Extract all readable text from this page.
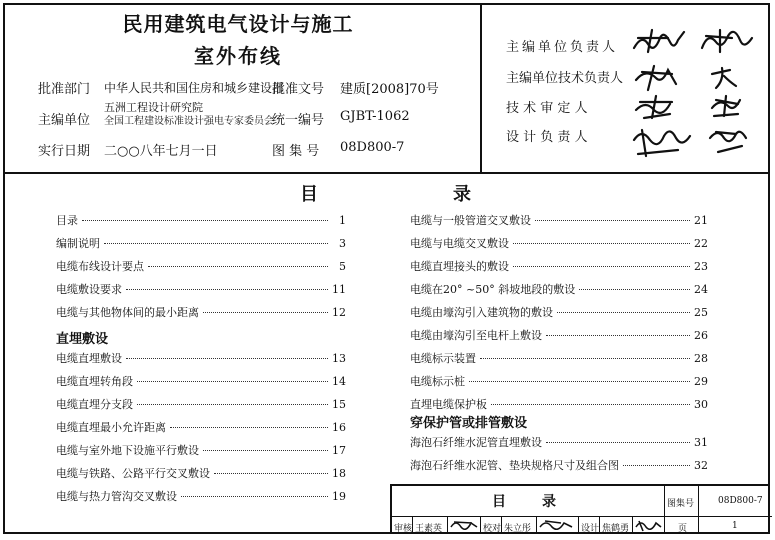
民用建筑电气设计与施工
室外布线
批准部门 中华人民共和国住房和城乡建设部
批准文号 建质[2008]70号
主编单位
五洲工程设计研究院
全国工程建设标准设计强电专家委员会
统一编号 GJBT-1062
实行日期 二○○八年七月一日	图 集 号 08D800-7
主编单位负责人
主编单位技术负责人
技 术 审 定 人
设 计 负 责 人
目	录
目录	1
编制说明	3
电缆布线设计要点	5
电缆敷设要求	11
电缆与其他物体间的最小距离	12
直埋敷设
电缆直埋敷设	13
电缆直埋转角段	14
电缆直埋分支段	15
电缆直埋最小允许距离	16
电缆与室外地下设施平行敷设	17
电缆与铁路、公路平行交叉敷设	18
电缆与热力管沟交叉敷设	19
电缆与一般管道交叉敷设	21
电缆与电缆交叉敷设	22
电缆直埋接头的敷设	23
电缆在20° ~50° 斜坡地段的敷设	24
电缆由壕沟引入建筑物的敷设	25
电缆由壕沟引至电杆上敷设	26
电缆标示装置	28
电缆标示桩	29
直埋电缆保护板	30
穿保护管或排管敷设
海泡石纤维水泥管直埋敷设	31
海泡石纤维水泥管、垫块规格尺寸及组合图	32
目	录	图集号	08D800-7
审核 王素英	校对 朱立彤	设计 焦鹤勇	页	1
